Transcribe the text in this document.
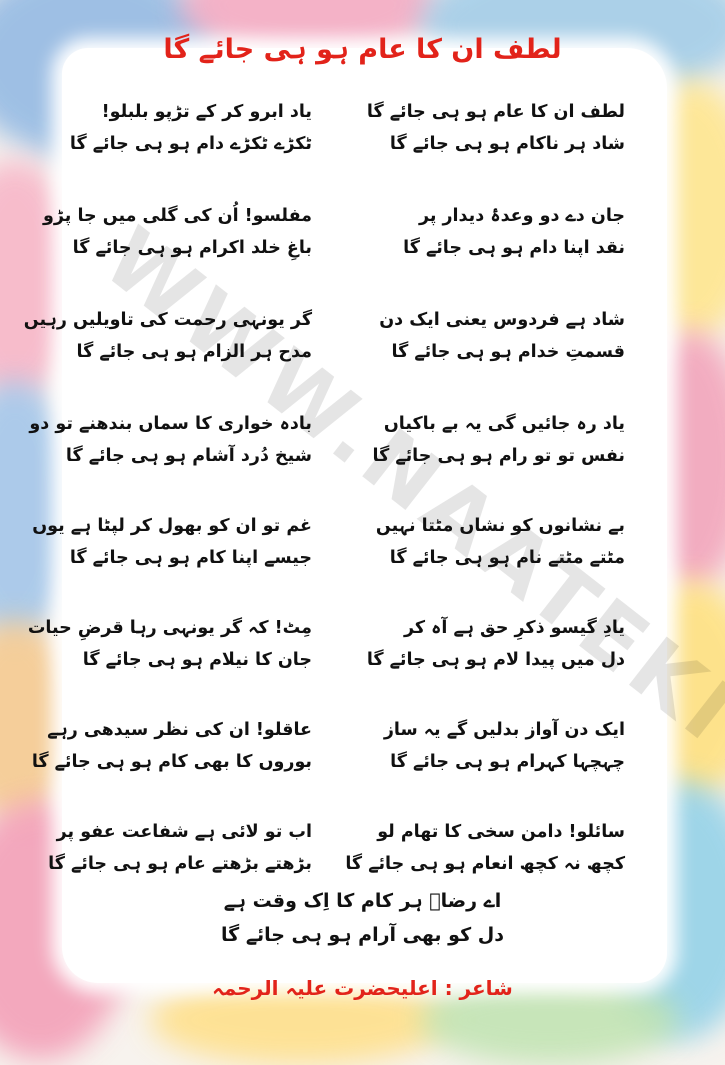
لطف ان کا عام ہو ہی جائے گا
لطف ان کا عام ہو ہی جائے گا
شاد ہر ناکام ہو ہی جائے گا
یاد ابرو کر کے تڑپو بلبلو!
ٹکڑے ٹکڑے دام ہو ہی جائے گا
جان دے دو وعدۂ دیدار پر
نقد اپنا دام ہو ہی جائے گا
مفلسو! اُن کی گلی میں جا پڑو
باغِ خلد اکرام ہو ہی جائے گا
شاد ہے فردوس یعنی ایک دن
قسمتِ خدام ہو ہی جائے گا
گر یونہی رحمت کی تاویلیں رہیں
مدح ہر الزام ہو ہی جائے گا
یاد رہ جائیں گی یہ بے باکیاں
نفس تو تو رام ہو ہی جائے گا
بادہ خواری کا سماں بندھنے تو دو
شیخ دُرد آشام ہو ہی جائے گا
بے نشانوں کو نشاں مٹتا نہیں
مٹتے مٹتے نام ہو ہی جائے گا
غم تو ان کو بھول کر لپٹا ہے یوں
جیسے اپنا کام ہو ہی جائے گا
یادِ گیسو ذکرِ حق ہے آہ کر
دل میں پیدا لام ہو ہی جائے گا
مِٹ! کہ گر یونہی رہا قرضِ حیات
جان کا نیلام ہو ہی جائے گا
ایک دن آواز بدلیں گے یہ ساز
چہچہا کہرام ہو ہی جائے گا
عاقلو! ان کی نظر سیدھی رہے
بوروں کا بھی کام ہو ہی جائے گا
سائلو! دامن سخی کا تھام لو
کچھ نہ کچھ انعام ہو ہی جائے گا
اب تو لائی ہے شفاعت عفو پر
بڑھتے بڑھتے عام ہو ہی جائے گا
اے رضاؔ ہر کام کا اِک وقت ہے
دل کو بھی آرام ہو ہی جائے گا
شاعر : اعلیحضرت علیہ الرحمہ
